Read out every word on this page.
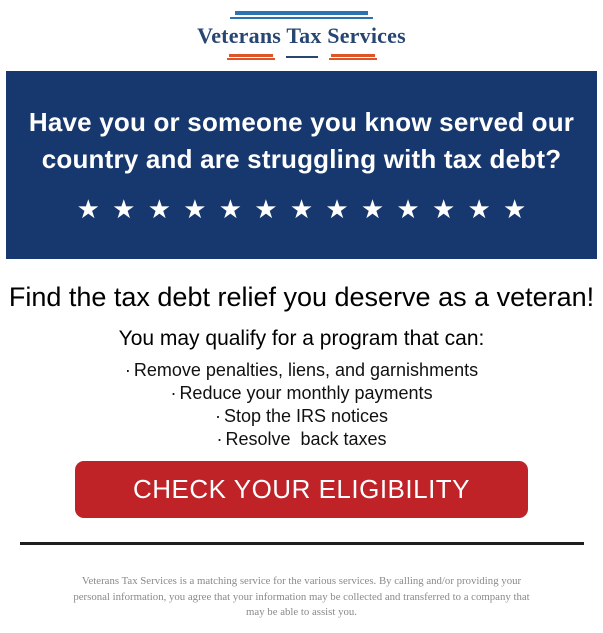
Veterans Tax Services
Have you or someone you know served our country and are struggling with tax debt?
★ ★ ★ ★ ★ ★ ★ ★ ★ ★ ★ ★ ★
Find the tax debt relief you deserve as a veteran!
You may qualify for a program that can:
· Remove penalties, liens, and garnishments
· Reduce your monthly payments
· Stop the IRS notices
· Resolve  back taxes
CHECK YOUR ELIGIBILITY
Veterans Tax Services is a matching service for the various services. By calling and/or providing your personal information, you agree that your information may be collected and transferred to a company that may be able to assist you.
